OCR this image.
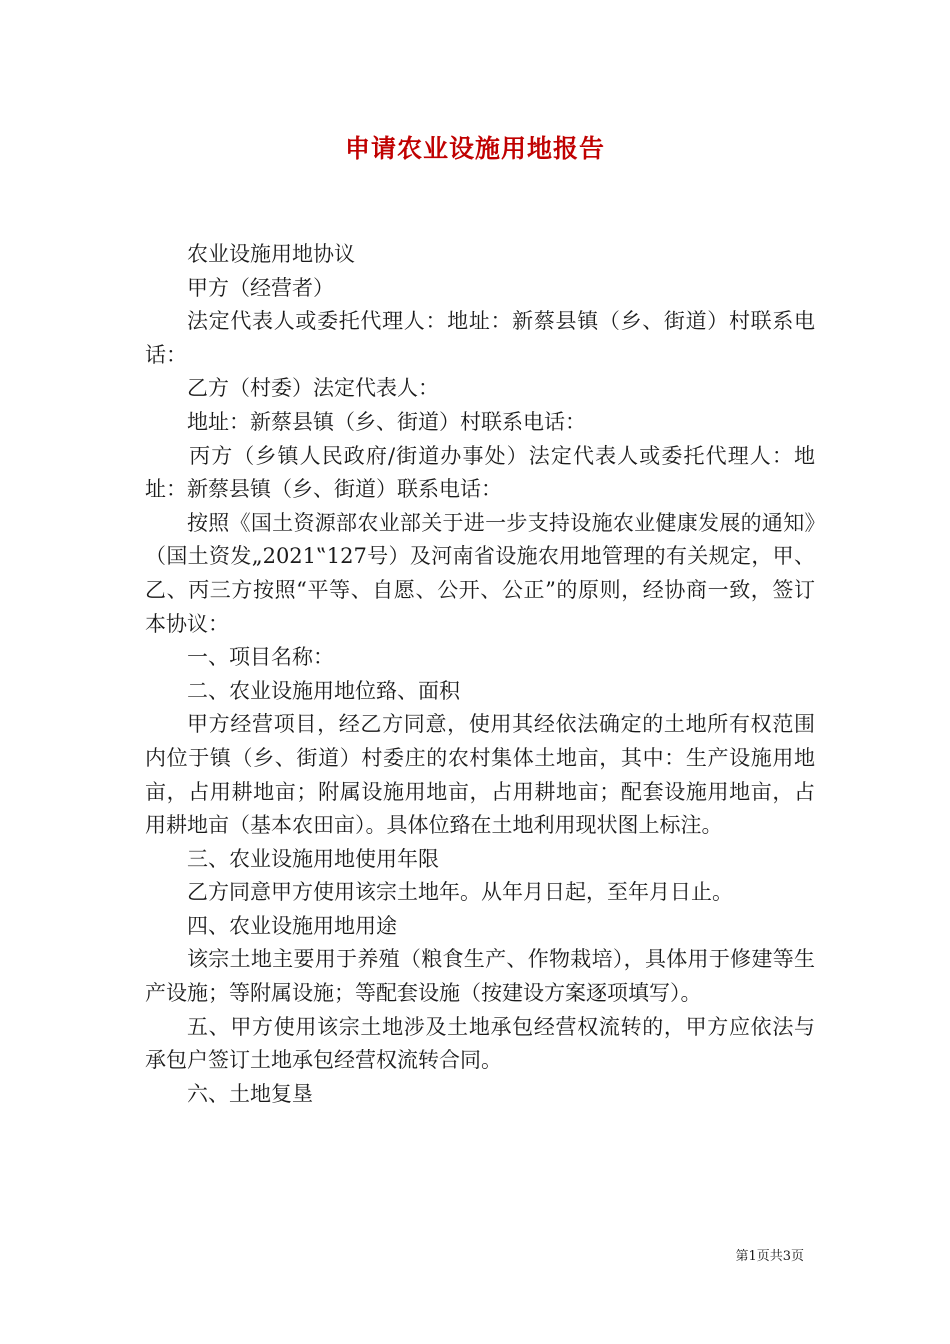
申请农业设施用地报告

农业设施用地协议

甲方（经营者）

法定代表人或委托代理人：地址：新蔡县镇（乡、街道）村联系电话：

乙方（村委）法定代表人：

地址：新蔡县镇（乡、街道）村联系电话：

丙方（乡镇人民政府/街道办事处）法定代表人或委托代理人：地址：新蔡县镇（乡、街道）联系电话：

按照《国土资源部农业部关于进一步支持设施农业健康发展的通知》（国土资发„2021‟127号）及河南省设施农用地管理的有关规定，甲、乙、丙三方按照“平等、自愿、公开、公正”的原则，经协商一致，签订本协议：

一、项目名称：

二、农业设施用地位臵、面积

甲方经营项目，经乙方同意，使用其经依法确定的土地所有权范围内位于镇（乡、街道）村委庄的农村集体土地亩，其中：生产设施用地亩，占用耕地亩；附属设施用地亩，占用耕地亩；配套设施用地亩，占用耕地亩（基本农田亩）。具体位臵在土地利用现状图上标注。

三、农业设施用地使用年限

乙方同意甲方使用该宗土地年。从年月日起，至年月日止。

四、农业设施用地用途

该宗土地主要用于养殖（粮食生产、作物栽培），具体用于修建等生产设施；等附属设施；等配套设施（按建设方案逐项填写）。

五、甲方使用该宗土地涉及土地承包经营权流转的，甲方应依法与承包户签订土地承包经营权流转合同。

六、土地复垦

第1页共3页
